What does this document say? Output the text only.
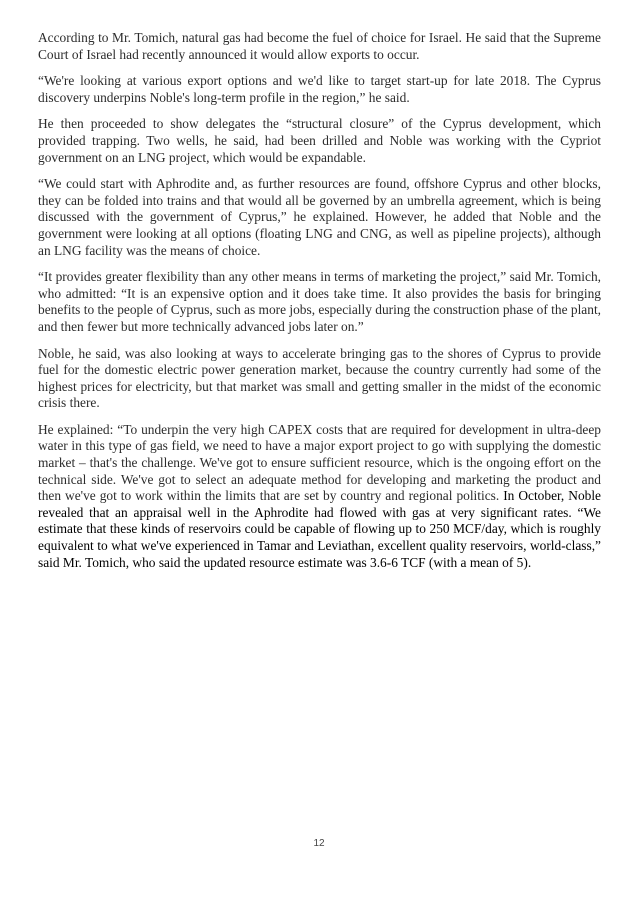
According to Mr. Tomich, natural gas had become the fuel of choice for Israel. He said that the Supreme Court of Israel had recently announced it would allow exports to occur.

“We're looking at various export options and we'd like to target start-up for late 2018. The Cyprus discovery underpins Noble's long-term profile in the region,” he said.

He then proceeded to show delegates the “structural closure” of the Cyprus development, which provided trapping. Two wells, he said, had been drilled and Noble was working with the Cypriot government on an LNG project, which would be expandable.

“We could start with Aphrodite and, as further resources are found, offshore Cyprus and other blocks, they can be folded into trains and that would all be governed by an umbrella agreement, which is being discussed with the government of Cyprus,” he explained. However, he added that Noble and the government were looking at all options (floating LNG and CNG, as well as pipeline projects), although an LNG facility was the means of choice.

“It provides greater flexibility than any other means in terms of marketing the project,” said Mr. Tomich, who admitted: “It is an expensive option and it does take time. It also provides the basis for bringing benefits to the people of Cyprus, such as more jobs, especially during the construction phase of the plant, and then fewer but more technically advanced jobs later on.”

Noble, he said, was also looking at ways to accelerate bringing gas to the shores of Cyprus to provide fuel for the domestic electric power generation market, because the country currently had some of the highest prices for electricity, but that market was small and getting smaller in the midst of the economic crisis there.

He explained: “To underpin the very high CAPEX costs that are required for development in ultra-deep water in this type of gas field, we need to have a major export project to go with supplying the domestic market – that's the challenge. We've got to ensure sufficient resource, which is the ongoing effort on the technical side. We've got to select an adequate method for developing and marketing the product and then we've got to work within the limits that are set by country and regional politics. In October, Noble revealed that an appraisal well in the Aphrodite had flowed with gas at very significant rates. “We estimate that these kinds of reservoirs could be capable of flowing up to 250 MCF/day, which is roughly equivalent to what we've experienced in Tamar and Leviathan, excellent quality reservoirs, world-class,” said Mr. Tomich, who said the updated resource estimate was 3.6-6 TCF (with a mean of 5).

12
